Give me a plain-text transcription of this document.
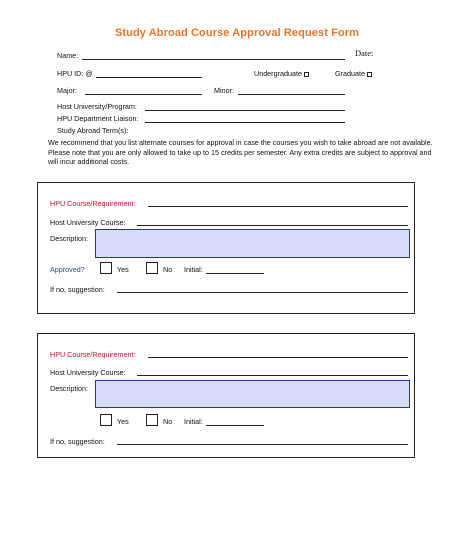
Study Abroad Course Approval Request Form
Name:	Date:
HPU ID: @	Undergraduate	Graduate
Major:	Minor:
Host University/Program:
HPU Department Liaison:
Study Abroad Term(s):
We recommend that you list alternate courses for approval in case the courses you wish to take abroad are not available. Please note that you are only allowed to take up to 15 credits per semester. Any extra credits are subject to approval and will incur additional costs.
HPU Course/Requirement:
Host University Course:
Description:
Approved?	Yes	No Initial:
If no, suggestion:
HPU Course/Requirement:
Host University Course:
Description:
Yes	No Initial:
If no, suggestion:
